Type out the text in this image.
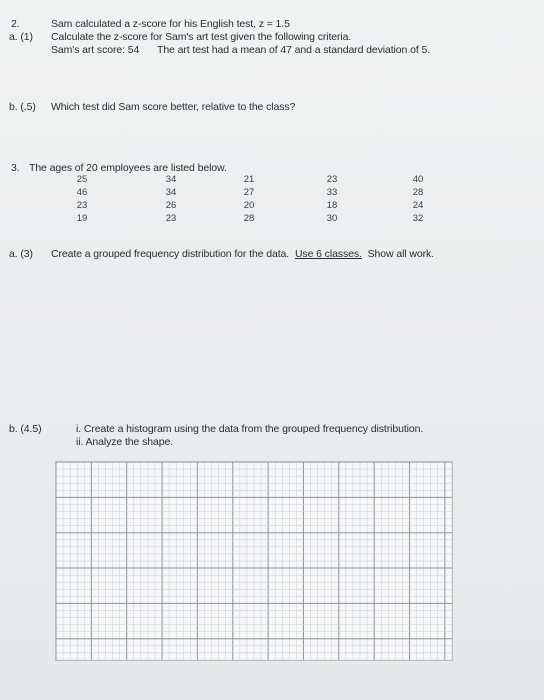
2.	Sam calculated a z-score for his English test, z = 1.5
a. (1) Calculate the z-score for Sam's art test given the following criteria.
Sam's art score: 54 The art test had a mean of 47 and a standard deviation of 5.
b. (.5) Which test did Sam score better, relative to the class?
3. The ages of 20 employees are listed below.
25	34	21	23	40
46	34	27	33	28
23	26	20	18	24
19	23	28	30	32
a. (3) Create a grouped frequency distribution for the data. Use 6 classes. Show all work.
b. (4.5)	i. Create a histogram using the data from the grouped frequency distribution.
ii. Analyze the shape.
